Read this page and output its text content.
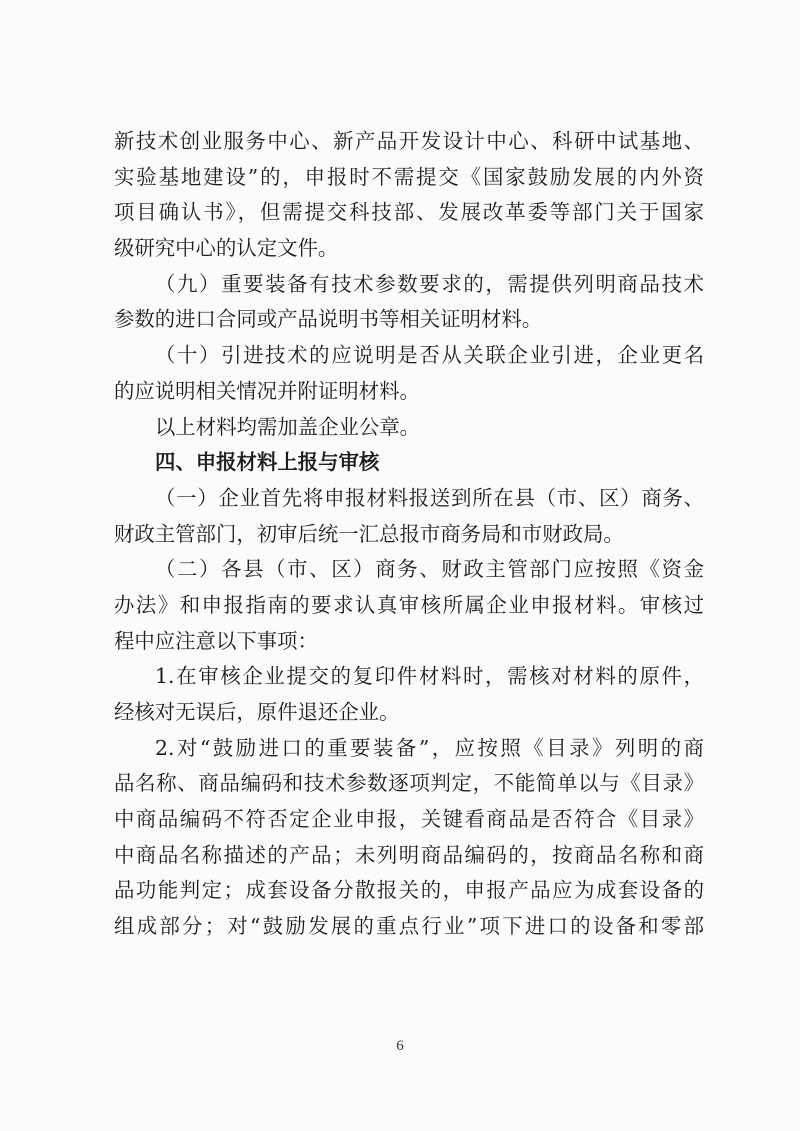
新技术创业服务中心、新产品开发设计中心、科研中试基地、
实验基地建设”的，申报时不需提交《国家鼓励发展的内外资
项目确认书》，但需提交科技部、发展改革委等部门关于国家
级研究中心的认定文件。
（九）重要装备有技术参数要求的，需提供列明商品技术
参数的进口合同或产品说明书等相关证明材料。
（十）引进技术的应说明是否从关联企业引进，企业更名
的应说明相关情况并附证明材料。
以上材料均需加盖企业公章。
四、申报材料上报与审核
（一）企业首先将申报材料报送到所在县（市、区）商务、
财政主管部门，初审后统一汇总报市商务局和市财政局。
（二）各县（市、区）商务、财政主管部门应按照《资金
办法》和申报指南的要求认真审核所属企业申报材料。审核过
程中应注意以下事项：
1.在审核企业提交的复印件材料时，需核对材料的原件，
经核对无误后，原件退还企业。
2.对“鼓励进口的重要装备”，应按照《目录》列明的商
品名称、商品编码和技术参数逐项判定，不能简单以与《目录》
中商品编码不符否定企业申报，关键看商品是否符合《目录》
中商品名称描述的产品；未列明商品编码的，按商品名称和商
品功能判定；成套设备分散报关的，申报产品应为成套设备的
组成部分；对“鼓励发展的重点行业”项下进口的设备和零部
6
